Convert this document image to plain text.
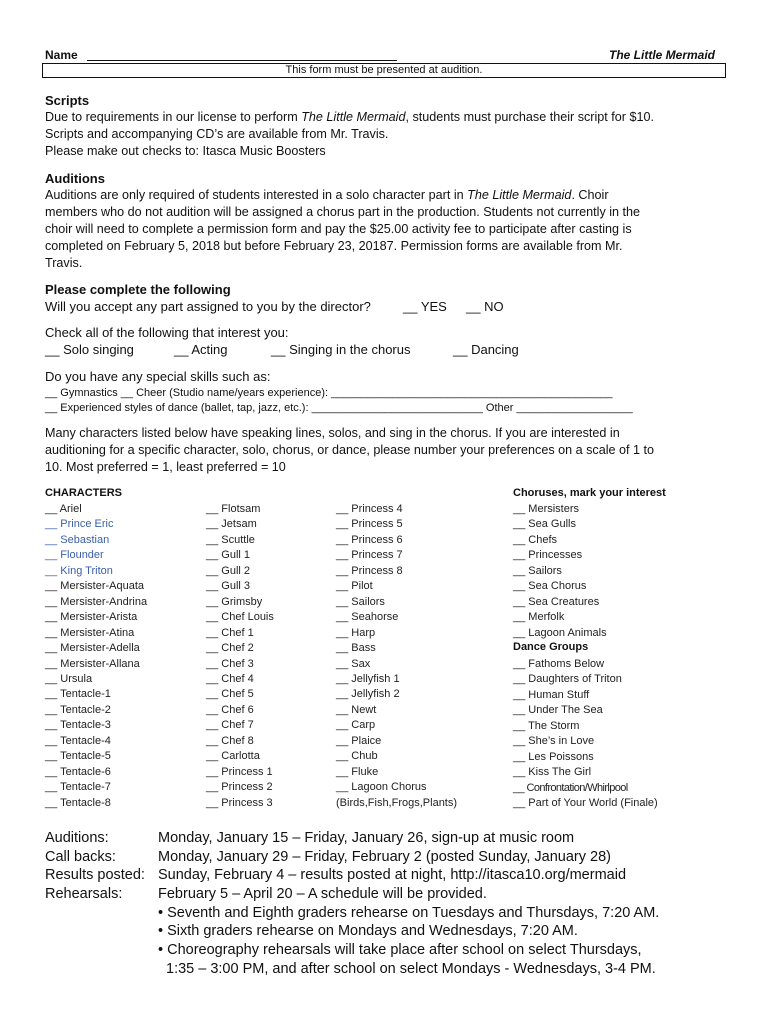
Name	The Little Mermaid
This form must be presented at audition.
Scripts
Due to requirements in our license to perform The Little Mermaid, students must purchase their script for $10.
Scripts and accompanying CD’s are available from Mr. Travis.
Please make out checks to: Itasca Music Boosters
Auditions
Auditions are only required of students interested in a solo character part in The Little Mermaid. Choir
members who do not audition will be assigned a chorus part in the production. Students not currently in the
choir will need to complete a permission form and pay the $25.00 activity fee to participate after casting is
completed on February 5, 2018 but before February 23, 20187. Permission forms are available from Mr.
Travis.
Please complete the following
Will you accept any part assigned to you by the director? __ YES __ NO
Check all of the following that interest you:
__ Solo singing	__ Acting	__ Singing in the chorus	__ Dancing
Do you have any special skills such as:
__ Gymnastics __ Cheer (Studio name/years experience): ______________________________________________
__ Experienced styles of dance (ballet, tap, jazz, etc.): ____________________________ Other ___________________
Many characters listed below have speaking lines, solos, and sing in the chorus. If you are interested in
auditioning for a specific character, solo, chorus, or dance, please number your preferences on a scale of 1 to
10. Most preferred = 1, least preferred = 10
CHARACTERS
__ Ariel
__ Prince Eric
__ Sebastian
__ Flounder
__ King Triton
__ Mersister-Aquata
__ Mersister-Andrina
__ Mersister-Arista
__ Mersister-Atina
__ Mersister-Adella
__ Mersister-Allana
__ Ursula
__ Tentacle-1
__ Tentacle-2
__ Tentacle-3
__ Tentacle-4
__ Tentacle-5
__ Tentacle-6
__ Tentacle-7
__ Tentacle-8
__ Flotsam
__ Jetsam
__ Scuttle
__ Gull 1
__ Gull 2
__ Gull 3
__ Grimsby
__ Chef Louis
__ Chef 1
__ Chef 2
__ Chef 3
__ Chef 4
__ Chef 5
__ Chef 6
__ Chef 7
__ Chef 8
__ Carlotta
__ Princess 1
__ Princess 2
__ Princess 3
__ Princess 4
__ Princess 5
__ Princess 6
__ Princess 7
__ Princess 8
__ Pilot
__ Sailors
__ Seahorse
__ Harp
__ Bass
__ Sax
__ Jellyfish 1
__ Jellyfish 2
__ Newt
__ Carp
__ Plaice
__ Chub
__ Fluke
__ Lagoon Chorus
(Birds,Fish,Frogs,Plants)
Choruses, mark your interest
__ Mersisters
__ Sea Gulls
__ Chefs
__ Princesses
__ Sailors
__ Sea Chorus
__ Sea Creatures
__ Merfolk
__ Lagoon Animals
Dance Groups
__ Fathoms Below
__ Daughters of Triton
__ Human Stuff
__ Under The Sea
__ The Storm
__ She’s in Love
__ Les Poissons
__ Kiss The Girl
__ Confrontation/Whirlpool
__ Part of Your World (Finale)
Auditions:	Monday, January 15 – Friday, January 26, sign-up at music room
Call backs:	Monday, January 29 – Friday, February 2 (posted Sunday, January 28)
Results posted: Sunday, February 4 – results posted at night, http://itasca10.org/mermaid
Rehearsals: February 5 – April 20 – A schedule will be provided.
• Seventh and Eighth graders rehearse on Tuesdays and Thursdays, 7:20 AM.
• Sixth graders rehearse on Mondays and Wednesdays, 7:20 AM.
• Choreography rehearsals will take place after school on select Thursdays,
1:35 – 3:00 PM, and after school on select Mondays - Wednesdays, 3-4 PM.
